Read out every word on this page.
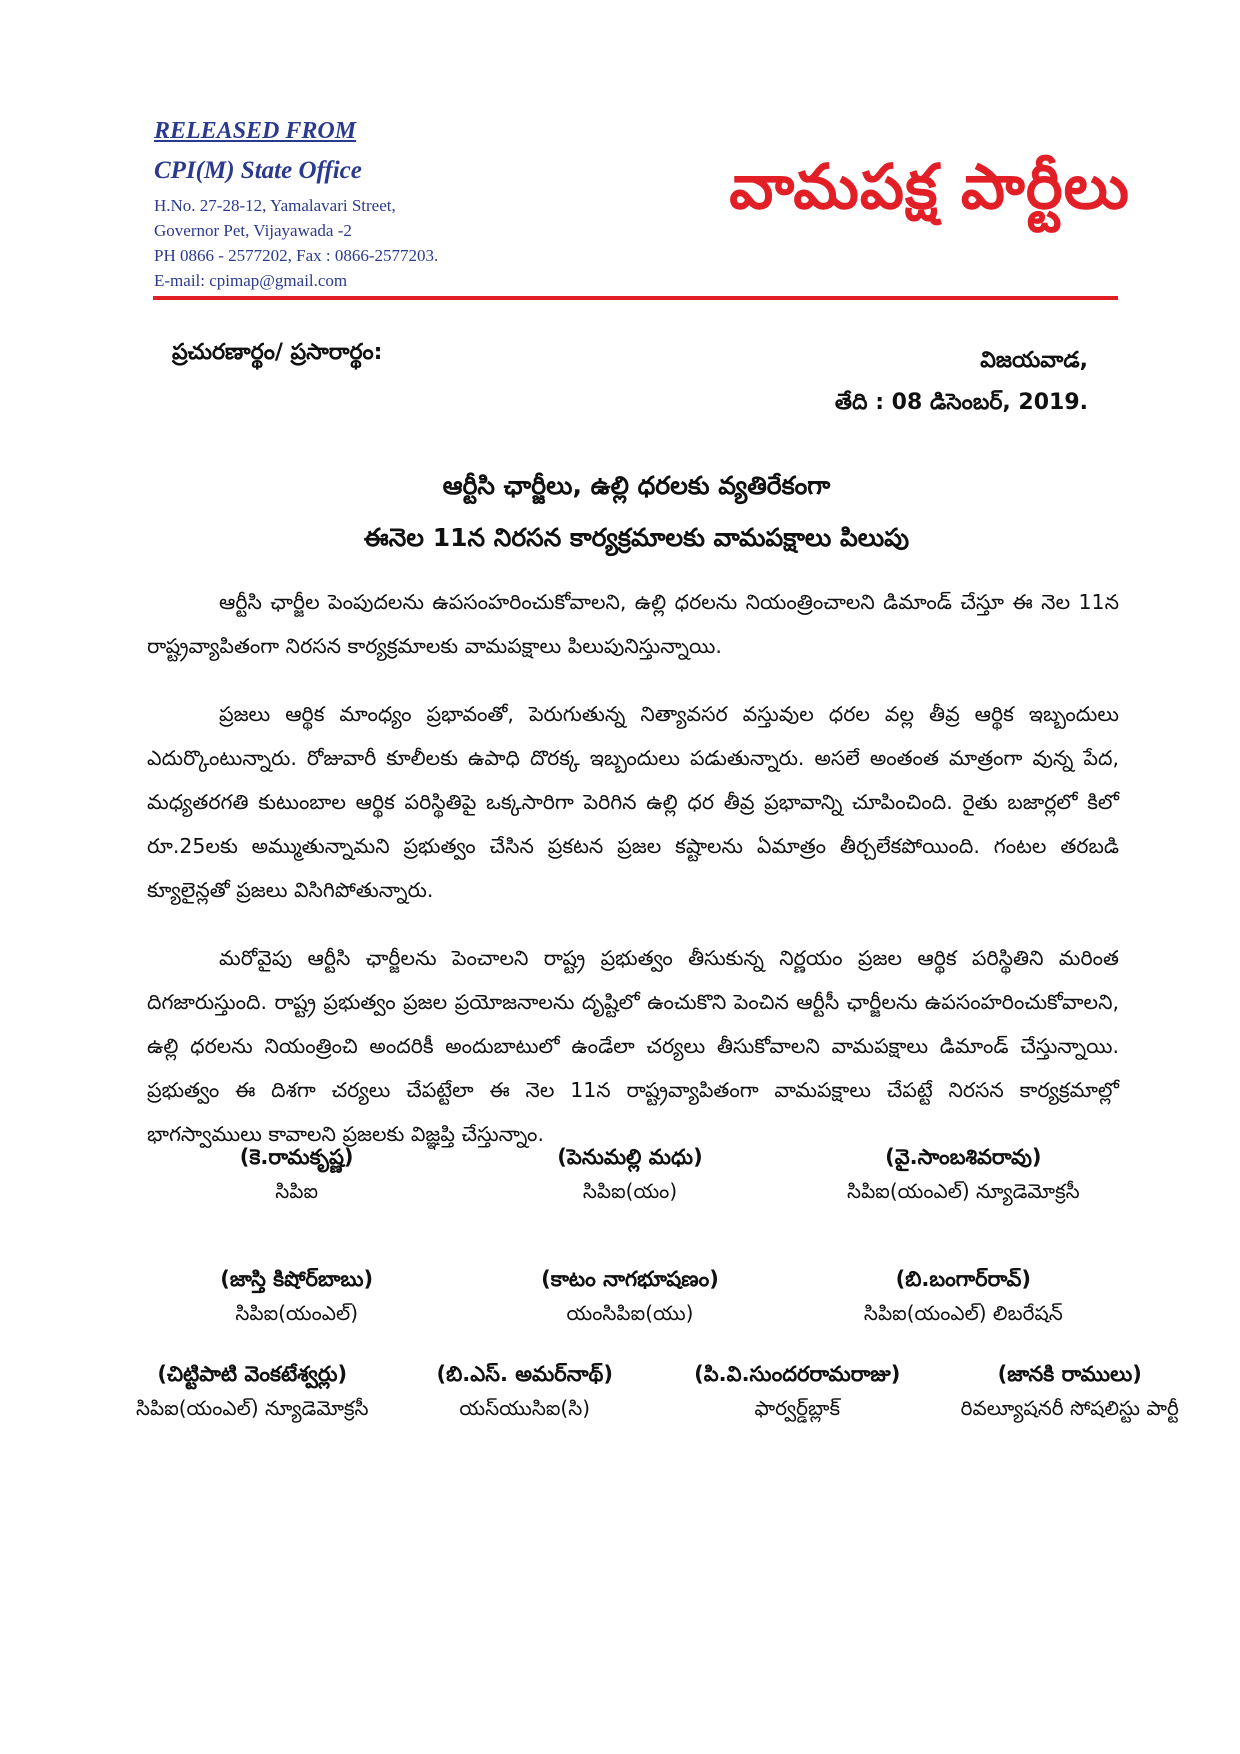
RELEASED FROM

CPI(M) State Office

H.No. 27-28-12, Yamalavari Street,

Governor Pet, Vijayawada -2

PH 0866 - 2577202, Fax : 0866-2577203.

E-mail: cpimap@gmail.com

వామపక్ష పార్టీలు
ప్రచురణార్థం/ ప్రసారార్థం:	విజయవాడ,
తేది : 08 డిసెంబర్, 2019.
ఆర్టీసి ఛార్జీలు, ఉల్లి ధరలకు వ్యతిరేకంగా
ఈనెల 11న నిరసన కార్యక్రమాలకు వామపక్షాలు పిలుపు

ఆర్టీసి ఛార్జీల పెంపుదలను ఉపసంహరించుకోవాలని, ఉల్లి ధరలను నియంత్రించాలని డిమాండ్ చేస్తూ ఈ నెల 11న రాష్ట్రవ్యాపితంగా నిరసన కార్యక్రమాలకు వామపక్షాలు పిలుపునిస్తున్నాయి.

ప్రజలు ఆర్థిక మాంధ్యం ప్రభావంతో, పెరుగుతున్న నిత్యావసర వస్తువుల ధరల వల్ల తీవ్ర ఆర్థిక ఇబ్బందులు ఎదుర్కొంటున్నారు. రోజువారీ కూలీలకు ఉపాధి దొరక్క ఇబ్బందులు పడుతున్నారు. అసలే అంతంత మాత్రంగా వున్న పేద, మధ్యతరగతి కుటుంబాల ఆర్థిక పరిస్థితిపై ఒక్కసారిగా పెరిగిన ఉల్లి ధర తీవ్ర ప్రభావాన్ని చూపించింది. రైతు బజార్లలో కిలో రూ.25లకు అమ్ముతున్నామని ప్రభుత్వం చేసిన ప్రకటన ప్రజల కష్టాలను ఏమాత్రం తీర్చలేకపోయింది. గంటల తరబడి క్యూలైన్లతో ప్రజలు విసిగిపోతున్నారు.

మరోవైపు ఆర్టీసి ఛార్జీలను పెంచాలని రాష్ట్ర ప్రభుత్వం తీసుకున్న నిర్ణయం ప్రజల ఆర్థిక పరిస్థితిని మరింత దిగజారుస్తుంది. రాష్ట్ర ప్రభుత్వం ప్రజల ప్రయోజనాలను దృష్టిలో ఉంచుకొని పెంచిన ఆర్టీసీ ఛార్జీలను ఉపసంహరించుకోవాలని, ఉల్లి ధరలను నియంత్రించి అందరికీ అందుబాటులో ఉండేలా చర్యలు తీసుకోవాలని వామపక్షాలు డిమాండ్ చేస్తున్నాయి. ప్రభుత్వం ఈ దిశగా చర్యలు చేపట్టేలా ఈ నెల 11న రాష్ట్రవ్యాపితంగా వామపక్షాలు చేపట్టే నిరసన కార్యక్రమాల్లో భాగస్వాములు కావాలని ప్రజలకు విజ్ఞప్తి చేస్తున్నాం.

(కె.రామకృష్ణ)
సిపిఐ
(పెనుమల్లి మధు)
సిపిఐ(యం)
(వై.సాంబశివరావు)
సిపిఐ(యంఎల్) న్యూడెమోక్రసీ
(జాస్తి కిషోర్‌బాబు)
సిపిఐ(యంఎల్)
(కాటం నాగభూషణం)
యంసిపిఐ(యు)
(బి.బంగార్‌రావ్)
సిపిఐ(యంఎల్) లిబరేషన్
(చిట్టిపాటి వెంకటేశ్వర్లు)
సిపిఐ(యంఎల్) న్యూడెమోక్రసీ
(బి.ఎస్. అమర్‌నాథ్)
యస్‌యుసిఐ(సి)
(పి.వి.సుందరరామరాజు)
ఫార్వర్డ్‌బ్లాక్
(జానకి రాములు)
రివల్యూషనరీ సోషలిస్టు పార్టీ
